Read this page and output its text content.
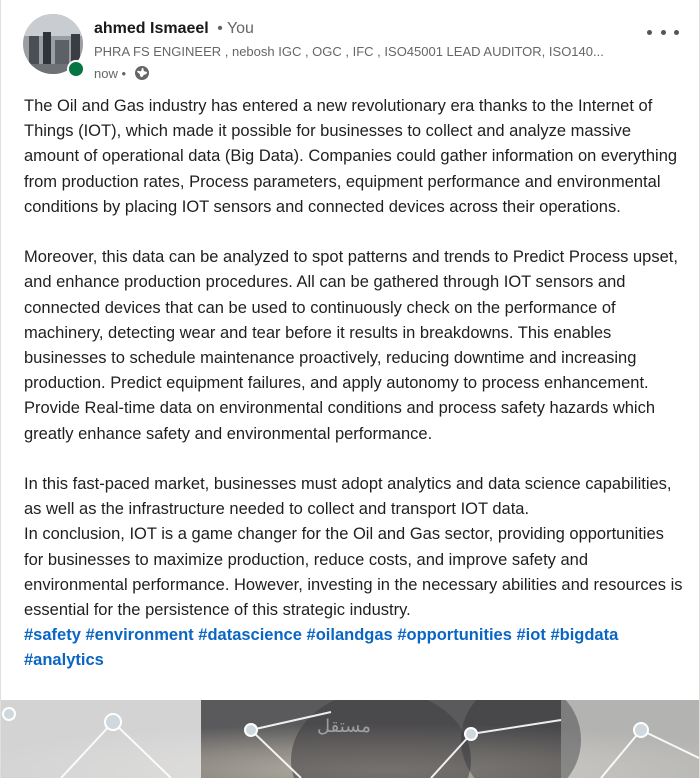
ahmed Ismaeel • You
PHRA FS ENGINEER , nebosh IGC , OGC , IFC , ISO45001 LEAD AUDITOR, ISO140...
now •

The Oil and Gas industry has entered a new revolutionary era thanks to the Internet of Things (IOT), which made it possible for businesses to collect and analyze massive amount of operational data (Big Data). Companies could gather information on everything from production rates, Process parameters, equipment performance and environmental conditions by placing IOT sensors and connected devices across their operations.

Moreover, this data can be analyzed to spot patterns and trends to Predict Process upset, and enhance production procedures. All can be gathered through IOT sensors and connected devices that can be used to continuously check on the performance of machinery, detecting wear and tear before it results in breakdowns. This enables businesses to schedule maintenance proactively, reducing downtime and increasing production. Predict equipment failures, and apply autonomy to process enhancement. Provide Real-time data on environmental conditions and process safety hazards which greatly enhance safety and environmental performance.

In this fast-paced market, businesses must adopt analytics and data science capabilities, as well as the infrastructure needed to collect and transport IOT data.

In conclusion, IOT is a game changer for the Oil and Gas sector, providing opportunities for businesses to maximize production, reduce costs, and improve safety and environmental performance. However, investing in the necessary abilities and resources is essential for the persistence of this strategic industry.

#safety #environment #datascience #oilandgas #opportunities #iot #bigdata #analytics
مستقل
